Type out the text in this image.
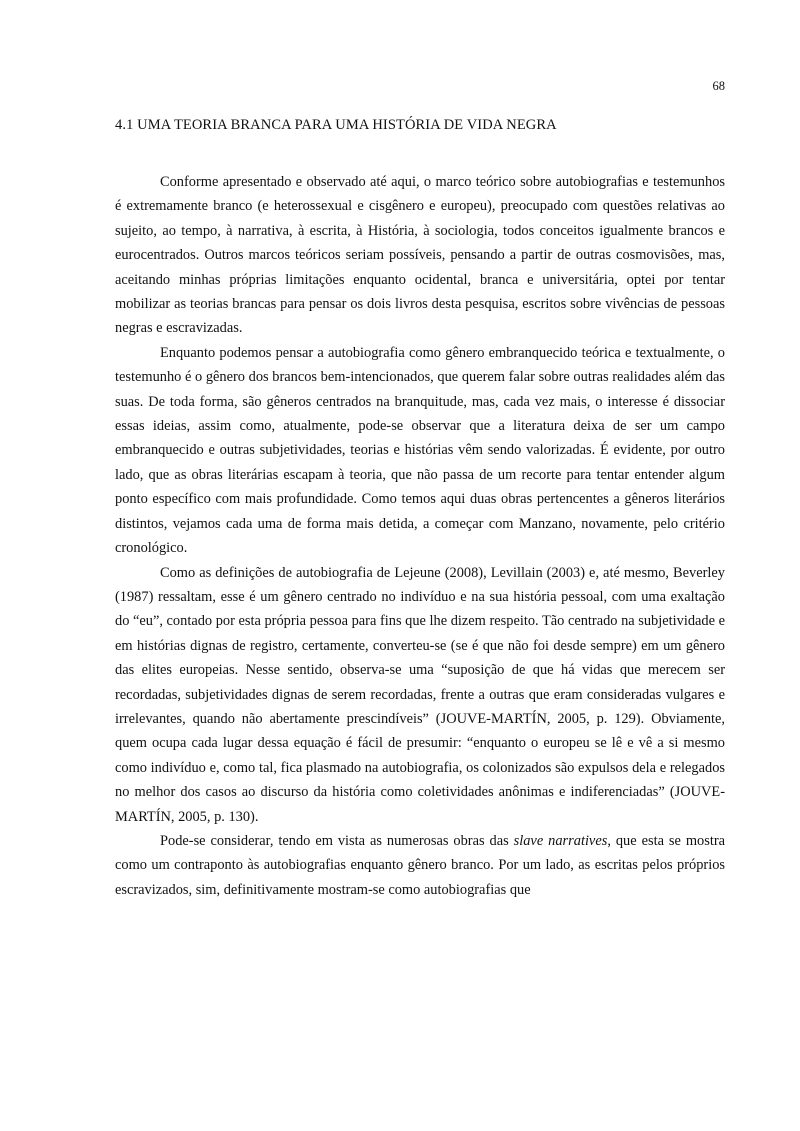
68
4.1 UMA TEORIA BRANCA PARA UMA HISTÓRIA DE VIDA NEGRA

Conforme apresentado e observado até aqui, o marco teórico sobre autobiografias e testemunhos é extremamente branco (e heterossexual e cisgênero e europeu), preocupado com questões relativas ao sujeito, ao tempo, à narrativa, à escrita, à História, à sociologia, todos conceitos igualmente brancos e eurocentrados. Outros marcos teóricos seriam possíveis, pensando a partir de outras cosmovisões, mas, aceitando minhas próprias limitações enquanto ocidental, branca e universitária, optei por tentar mobilizar as teorias brancas para pensar os dois livros desta pesquisa, escritos sobre vivências de pessoas negras e escravizadas.

Enquanto podemos pensar a autobiografia como gênero embranquecido teórica e textualmente, o testemunho é o gênero dos brancos bem-intencionados, que querem falar sobre outras realidades além das suas. De toda forma, são gêneros centrados na branquitude, mas, cada vez mais, o interesse é dissociar essas ideias, assim como, atualmente, pode-se observar que a literatura deixa de ser um campo embranquecido e outras subjetividades, teorias e histórias vêm sendo valorizadas. É evidente, por outro lado, que as obras literárias escapam à teoria, que não passa de um recorte para tentar entender algum ponto específico com mais profundidade. Como temos aqui duas obras pertencentes a gêneros literários distintos, vejamos cada uma de forma mais detida, a começar com Manzano, novamente, pelo critério cronológico.

Como as definições de autobiografia de Lejeune (2008), Levillain (2003) e, até mesmo, Beverley (1987) ressaltam, esse é um gênero centrado no indivíduo e na sua história pessoal, com uma exaltação do “eu”, contado por esta própria pessoa para fins que lhe dizem respeito. Tão centrado na subjetividade e em histórias dignas de registro, certamente, converteu-se (se é que não foi desde sempre) em um gênero das elites europeias. Nesse sentido, observa-se uma “suposição de que há vidas que merecem ser recordadas, subjetividades dignas de serem recordadas, frente a outras que eram consideradas vulgares e irrelevantes, quando não abertamente prescindíveis” (JOUVE-MARTÍN, 2005, p. 129). Obviamente, quem ocupa cada lugar dessa equação é fácil de presumir: “enquanto o europeu se lê e vê a si mesmo como indivíduo e, como tal, fica plasmado na autobiografia, os colonizados são expulsos dela e relegados no melhor dos casos ao discurso da história como coletividades anônimas e indiferenciadas” (JOUVE-MARTÍN, 2005, p. 130).

Pode-se considerar, tendo em vista as numerosas obras das slave narratives, que esta se mostra como um contraponto às autobiografias enquanto gênero branco. Por um lado, as escritas pelos próprios escravizados, sim, definitivamente mostram-se como autobiografias que
